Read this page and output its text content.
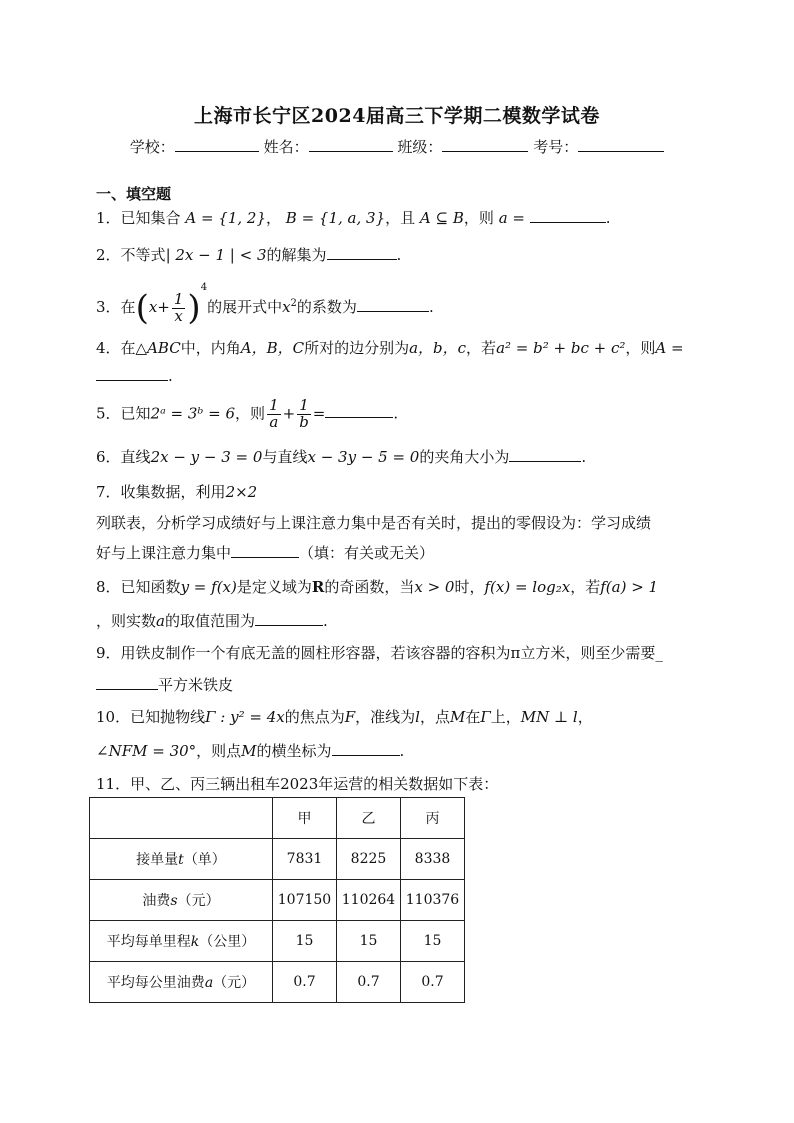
上海市长宁区2024届高三下学期二模数学试卷
学校：	姓名：	班级：	考号：
一、填空题
1．已知集合 A = {1, 2}， B = {1, a, 3}，且 A ⊆ B，则 a =	.
2．不等式| 2x − 1 | < 3的解集为	.
3．在$(x+ \frac{1}{x} )^4$的展开式中$x^2$的系数为	.
4．在△ABC中，内角A，B，C所对的边分别为a，b，c，若a² = b² + bc + c²，则A =
.
5．已知2ᵃ = 3ᵇ = 6，则 $\frac{1}{a} + \frac{1}{b}$ =	.
6．直线2x − y − 3 = 0与直线x − 3y − 5 = 0的夹角大小为	.
7．收集数据，利用2×2
列联表，分析学习成绩好与上课注意力集中是否有关时，提出的零假设为：学习成绩
好与上课注意力集中	（填：有关或无关）
8．已知函数y = f(x)是定义域为R的奇函数，当x > 0时，f(x) = log₂x，若f(a) > 1
，则实数a的取值范围为	.
9．用铁皮制作一个有底无盖的圆柱形容器，若该容器的容积为π立方米，则至少需要_
平方米铁皮
10．已知抛物线Γ : y² = 4x的焦点为F，准线为l，点M在Γ上，MN ⊥ l，
∠NFM = 30°，则点M的横坐标为	.
11．甲、乙、丙三辆出租车2023年运营的相关数据如下表：
	甲	乙	丙
接单量t（单）	7831	8225	8338
油费s（元）	107150	110264	110376
平均每单里程k（公里）	15	15	15
平均每公里油费a（元）	0.7	0.7	0.7
